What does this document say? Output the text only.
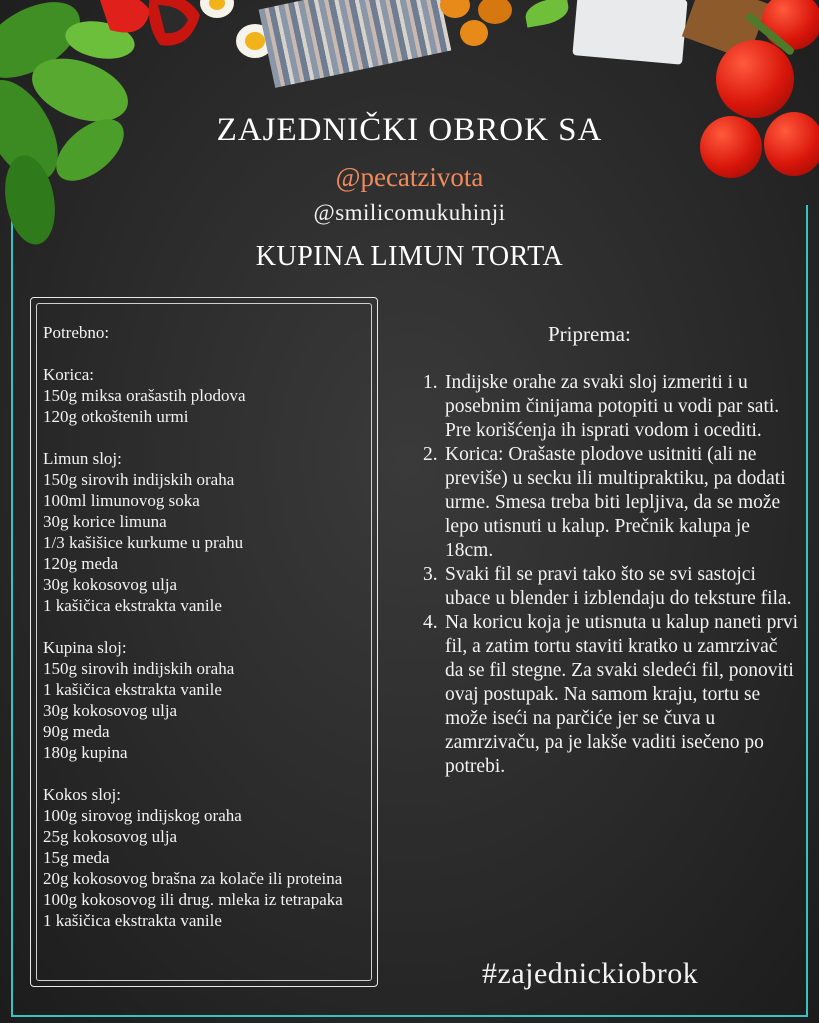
ZAJEDNIČKI OBROK SA
@pecatzivota
@smilicomukuhinji
KUPINA LIMUN TORTA
Potrebno:
Korica:
150g miksa orašastih plodova
120g otkoštenih urmi
Limun sloj:
150g sirovih indijskih oraha
100ml limunovog soka
30g korice limuna
1/3 kašišice kurkume u prahu
120g meda
30g kokosovog ulja
1 kašičica ekstrakta vanile
Kupina sloj:
150g sirovih indijskih oraha
1 kašičica ekstrakta vanile
30g kokosovog ulja
90g meda
180g kupina
Kokos sloj:
100g sirovog indijskog oraha
25g kokosovog ulja
15g meda
20g kokosovog brašna za kolače ili proteina
100g kokosovog ili drug. mleka iz tetrapaka
1 kašičica ekstrakta vanile
Priprema:
1. Indijske orahe za svaki sloj izmeriti i u posebnim činijama potopiti u vodi par sati. Pre korišćenja ih isprati vodom i oceditі.
2. Korica: Orašaste plodove usitniti (ali ne previše) u secku ili multipraktiku, pa dodati urme. Smesa treba biti lepljiva, da se može lepo utisnuti u kalup. Prečnik kalupa je 18cm.
3. Svaki fil se pravi tako što se svi sastojci ubace u blender i izblendaju do teksture fila.
4. Na koricu koja je utisnuta u kalup naneti prvi fil, a zatim tortu staviti kratko u zamrzivač da se fil stegne. Za svaki sledeći fil, ponoviti ovaj postupak. Na samom kraju, tortu se može iseći na parčiće jer se čuva u zamrzivaču, pa je lakše vaditi isečeno po potrebi.
#zajednickiobrok
